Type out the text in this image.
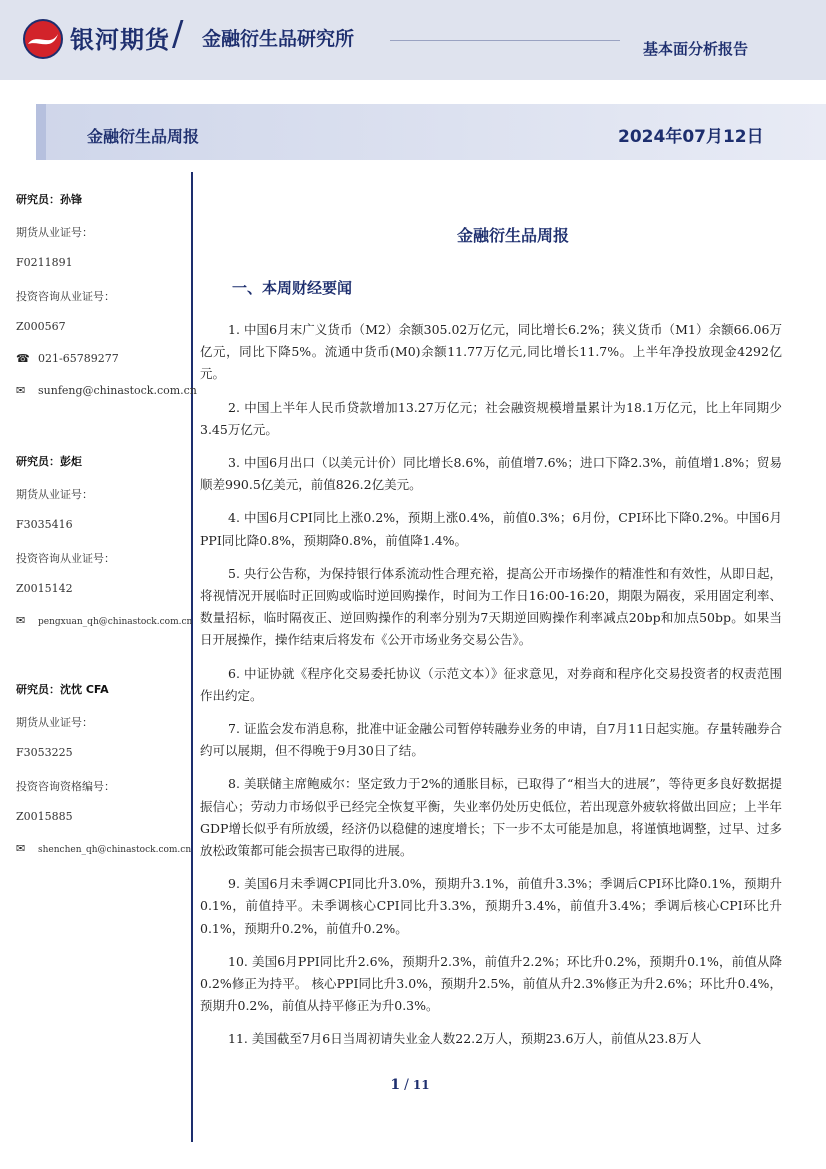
银河期货 / 金融衍生品研究所	基本面分析报告
金融衍生品周报	2024年07月12日
研究员：孙锋
期货从业证号：
F0211891
投资咨询从业证号：
Z000567
☎ 021-65789277
✉ sunfeng@chinastock.com.cn
研究员：彭炬
期货从业证号：
F3035416
投资咨询从业证号：
Z0015142
✉ pengxuan_qh@chinastock.com.cn
研究员：沈忱 CFA
期货从业证号：
F3053225
投资咨询资格编号：
Z0015885
✉ shenchen_qh@chinastock.com.cn
金融衍生品周报
一、本周财经要闻

1. 中国6月末广义货币（M2）余额305.02万亿元，同比增长6.2%；狭义货币（M1）余额66.06万亿元，同比下降5%。流通中货币(M0)余额11.77万亿元,同比增长11.7%。上半年净投放现金4292亿元。

2. 中国上半年人民币贷款增加13.27万亿元；社会融资规模增量累计为18.1万亿元，比上年同期少3.45万亿元。

3. 中国6月出口（以美元计价）同比增长8.6%，前值增7.6%；进口下降2.3%，前值增1.8%；贸易顺差990.5亿美元，前值826.2亿美元。

4. 中国6月CPI同比上涨0.2%，预期上涨0.4%，前值0.3%；6月份，CPI环比下降0.2%。中国6月PPI同比降0.8%，预期降0.8%，前值降1.4%。

5. 央行公告称，为保持银行体系流动性合理充裕，提高公开市场操作的精准性和有效性，从即日起，将视情况开展临时正回购或临时逆回购操作，时间为工作日16:00-16:20，期限为隔夜，采用固定利率、数量招标，临时隔夜正、逆回购操作的利率分别为7天期逆回购操作利率减点20bp和加点50bp。如果当日开展操作，操作结束后将发布《公开市场业务交易公告》。

6. 中证协就《程序化交易委托协议（示范文本）》征求意见，对券商和程序化交易投资者的权责范围作出约定。

7. 证监会发布消息称，批准中证金融公司暂停转融券业务的申请，自7月11日起实施。存量转融券合约可以展期，但不得晚于9月30日了结。

8. 美联储主席鲍威尔：坚定致力于2%的通胀目标，已取得了“相当大的进展”，等待更多良好数据提振信心；劳动力市场似乎已经完全恢复平衡，失业率仍处历史低位，若出现意外疲软将做出回应；上半年GDP增长似乎有所放缓，经济仍以稳健的速度增长；下一步不太可能是加息，将谨慎地调整，过早、过多放松政策都可能会损害已取得的进展。

9. 美国6月未季调CPI同比升3.0%，预期升3.1%，前值升3.3%；季调后CPI环比降0.1%，预期升0.1%，前值持平。未季调核心CPI同比升3.3%，预期升3.4%，前值升3.4%；季调后核心CPI环比升0.1%，预期升0.2%，前值升0.2%。

10. 美国6月PPI同比升2.6%，预期升2.3%，前值升2.2%；环比升0.2%，预期升0.1%，前值从降0.2%修正为持平。 核心PPI同比升3.0%，预期升2.5%，前值从升2.3%修正为升2.6%；环比升0.4%，预期升0.2%，前值从持平修正为升0.3%。

11. 美国截至7月6日当周初请失业金人数22.2万人，预期23.6万人，前值从23.8万人

1 / 11
